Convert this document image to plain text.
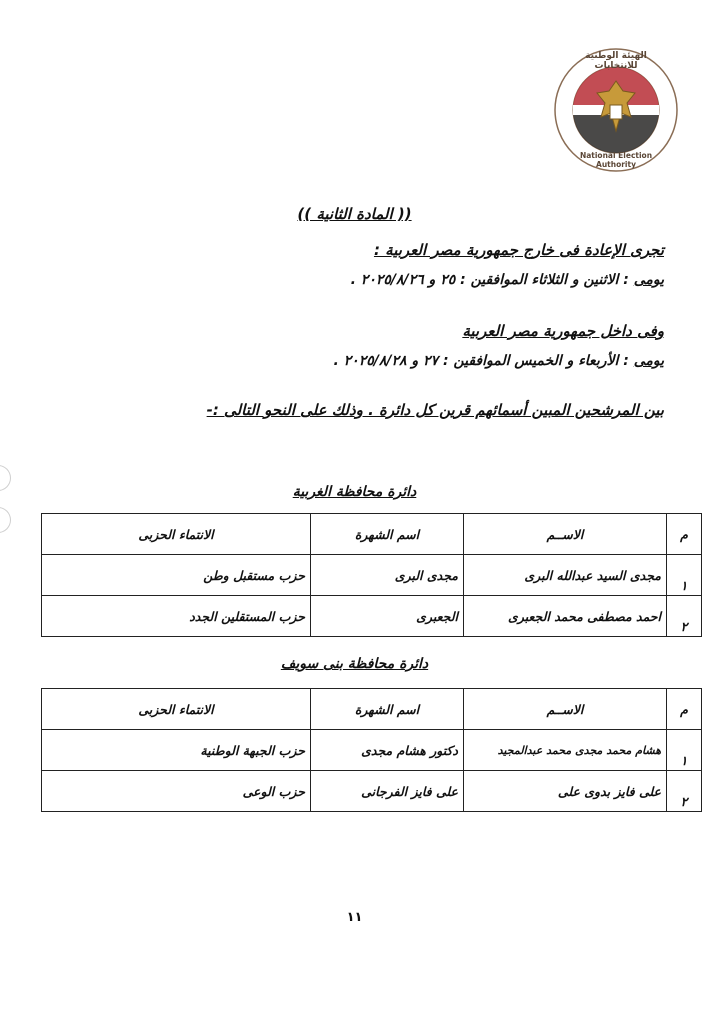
الهيئة الوطنية للانتخابات
National Election Authority
(( المادة الثانية ))
تجرى الإعادة فى خارج جمهورية مصر العربية :
يومى : الاثنين و الثلاثاء الموافقين : ٢٥ و ٢٠٢٥/٨/٢٦ .
وفى داخل جمهورية مصر العربية
يومى : الأربعاء و الخميس الموافقين : ٢٧ و ٢٠٢٥/٨/٢٨ .
بين المرشحين المبين أسمائهم قرين كل دائرة . وذلك على النحو التالى :-
دائرة محافظة الغربية
م	الاســم	اسم الشهرة	الانتماء الحزبى
١	مجدى السيد عبدالله البرى	مجدى البرى	حزب مستقبل وطن
٢	احمد مصطفى محمد الجعبرى	الجعبرى	حزب المستقلين الجدد
دائرة محافظة بنى سويف
م	الاســم	اسم الشهرة	الانتماء الحزبى
١	هشام محمد مجدى محمد عبدالمجيد	دكتور هشام مجدى	حزب الجبهة الوطنية
٢	على فايز بدوى على	على فايز الفرجانى	حزب الوعى
١١
